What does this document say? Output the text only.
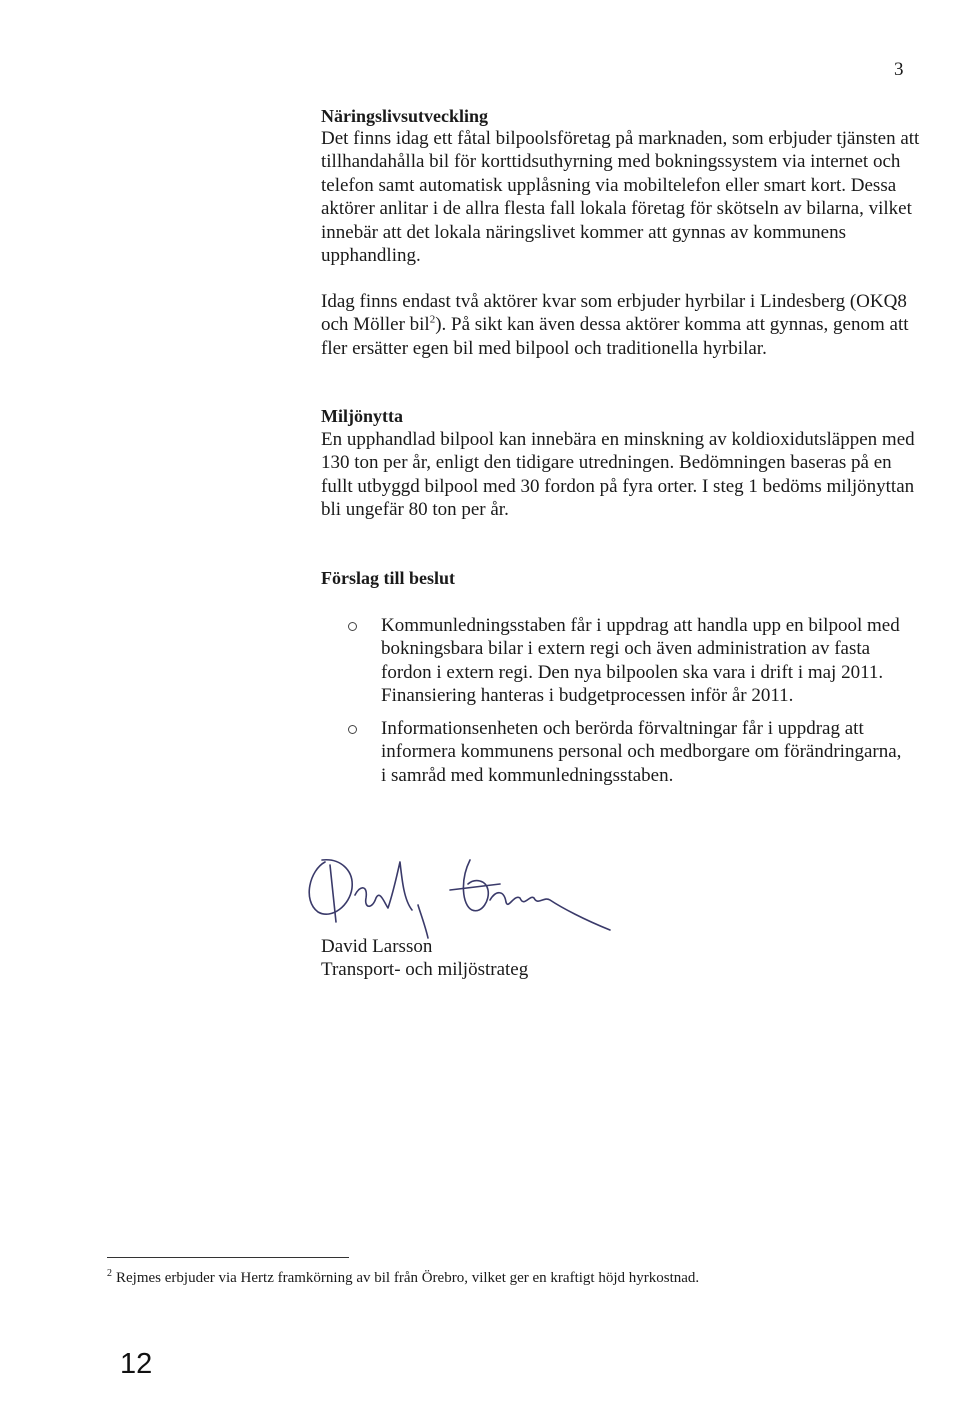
3
Näringslivsutveckling

Det finns idag ett fåtal bilpoolsföretag på marknaden, som erbjuder tjänsten att tillhandahålla bil för korttidsuthyrning med bokningssystem via internet och telefon samt automatisk upplåsning via mobiltelefon eller smart kort. Dessa aktörer anlitar i de allra flesta fall lokala företag för skötseln av bilarna, vilket innebär att det lokala näringslivet kommer att gynnas av kommunens upphandling.

Idag finns endast två aktörer kvar som erbjuder hyrbilar i Lindesberg (OKQ8 och Möller bil$^2$). På sikt kan även dessa aktörer komma att gynnas, genom att fler ersätter egen bil med bilpool och traditionella hyrbilar.

Miljönytta

En upphandlad bilpool kan innebära en minskning av koldioxidutsläppen med 130 ton per år, enligt den tidigare utredningen. Bedömningen baseras på en fullt utbyggd bilpool med 30 fordon på fyra orter. I steg 1 bedöms miljönyttan bli ungefär 80 ton per år.

Förslag till beslut
Kommunledningsstaben får i uppdrag att handla upp en bilpool med bokningsbara bilar i extern regi och även administration av fasta fordon i extern regi. Den nya bilpoolen ska vara i drift i maj 2011. Finansiering hanteras i budgetprocessen inför år 2011.
Informationsenheten och berörda förvaltningar får i uppdrag att informera kommunens personal och medborgare om förändringarna, i samråd med kommunledningsstaben.
David Larsson
Transport- och miljöstrateg
$^2$ Rejmes erbjuder via Hertz framkörning av bil från Örebro, vilket ger en kraftigt höjd hyrkostnad.
12
